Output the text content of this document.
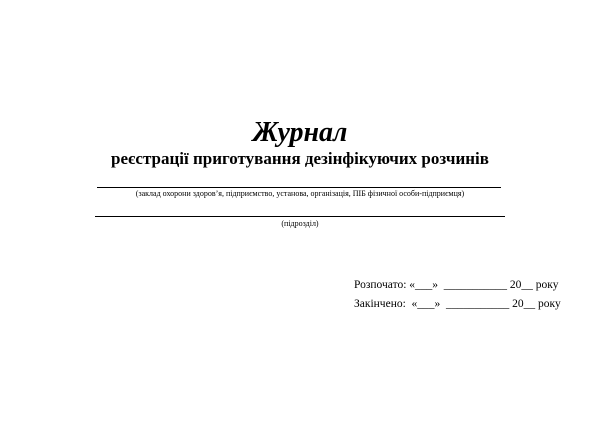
Журнал
реєстрації приготування дезінфікуючих розчинів
(заклад охорони здоров’я, підприємство, установа, організація, ПІБ фізичної особи-підприємця)
(підрозділ)
Розпочато: «___»  ___________ 20__ року
Закінчено:  «___»  ___________ 20__ року
